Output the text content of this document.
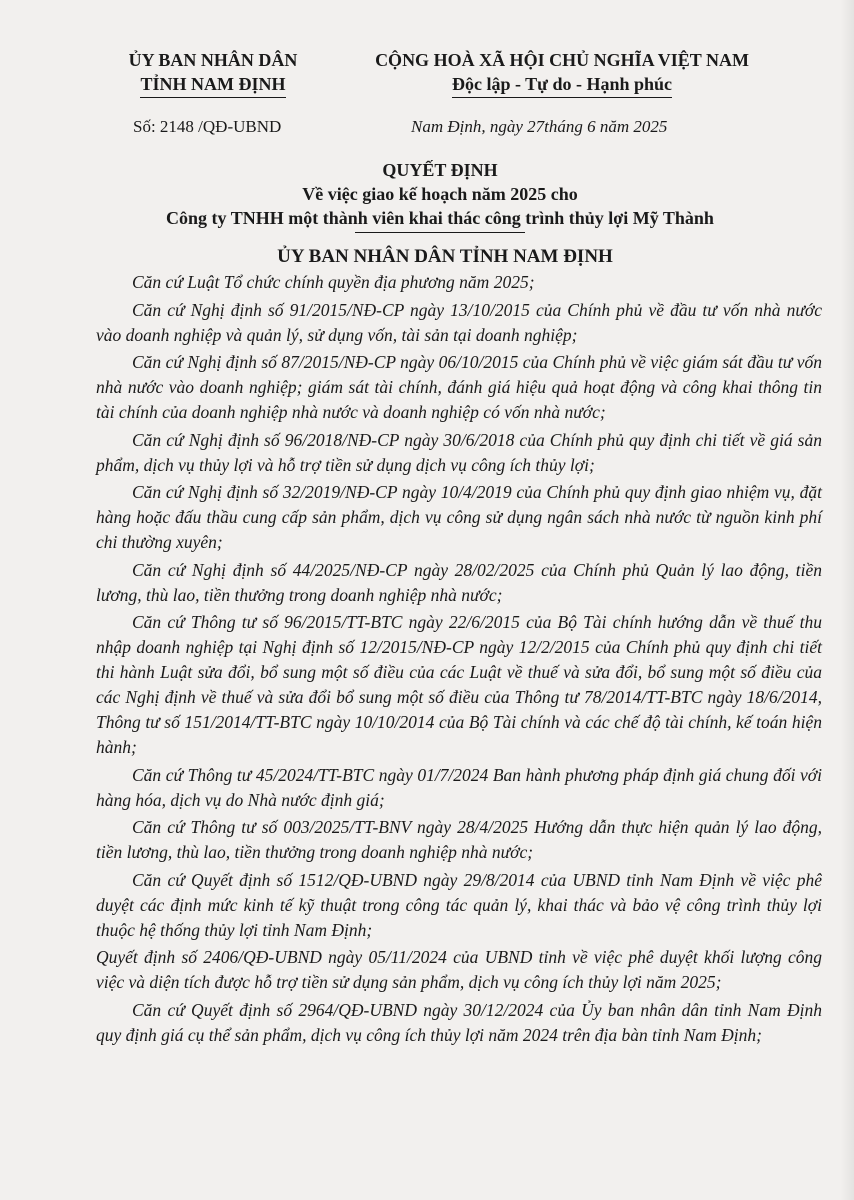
ỦY BAN NHÂN DÂN
TỈNH NAM ĐỊNH
CỘNG HOÀ XÃ HỘI CHỦ NGHĨA VIỆT NAM
Độc lập - Tự do - Hạnh phúc
Số: 2148 /QĐ-UBND	Nam Định, ngày 27tháng 6 năm 2025
QUYẾT ĐỊNH
Về việc giao kế hoạch năm 2025 cho
Công ty TNHH một thành viên khai thác công trình thủy lợi Mỹ Thành
ỦY BAN NHÂN DÂN TỈNH NAM ĐỊNH

Căn cứ Luật Tổ chức chính quyền địa phương năm 2025;

Căn cứ Nghị định số 91/2015/NĐ-CP ngày 13/10/2015 của Chính phủ về đầu tư vốn nhà nước vào doanh nghiệp và quản lý, sử dụng vốn, tài sản tại doanh nghiệp;

Căn cứ Nghị định số 87/2015/NĐ-CP ngày 06/10/2015 của Chính phủ về việc giám sát đầu tư vốn nhà nước vào doanh nghiệp; giám sát tài chính, đánh giá hiệu quả hoạt động và công khai thông tin tài chính của doanh nghiệp nhà nước và doanh nghiệp có vốn nhà nước;

Căn cứ Nghị định số 96/2018/NĐ-CP ngày 30/6/2018 của Chính phủ quy định chi tiết về giá sản phẩm, dịch vụ thủy lợi và hỗ trợ tiền sử dụng dịch vụ công ích thủy lợi;

Căn cứ Nghị định số 32/2019/NĐ-CP ngày 10/4/2019 của Chính phủ quy định giao nhiệm vụ, đặt hàng hoặc đấu thầu cung cấp sản phẩm, dịch vụ công sử dụng ngân sách nhà nước từ nguồn kinh phí chi thường xuyên;

Căn cứ Nghị định số 44/2025/NĐ-CP ngày 28/02/2025 của Chính phủ Quản lý lao động, tiền lương, thù lao, tiền thưởng trong doanh nghiệp nhà nước;

Căn cứ Thông tư số 96/2015/TT-BTC ngày 22/6/2015 của Bộ Tài chính hướng dẫn về thuế thu nhập doanh nghiệp tại Nghị định số 12/2015/NĐ-CP ngày 12/2/2015 của Chính phủ quy định chi tiết thi hành Luật sửa đổi, bổ sung một số điều của các Luật về thuế và sửa đổi, bổ sung một số điều của các Nghị định về thuế và sửa đổi bổ sung một số điều của Thông tư 78/2014/TT-BTC ngày 18/6/2014, Thông tư số 151/2014/TT-BTC ngày 10/10/2014 của Bộ Tài chính và các chế độ tài chính, kế toán hiện hành;

Căn cứ Thông tư 45/2024/TT-BTC ngày 01/7/2024 Ban hành phương pháp định giá chung đối với hàng hóa, dịch vụ do Nhà nước định giá;

Căn cứ Thông tư số 003/2025/TT-BNV ngày 28/4/2025 Hướng dẫn thực hiện quản lý lao động, tiền lương, thù lao, tiền thưởng trong doanh nghiệp nhà nước;

Căn cứ Quyết định số 1512/QĐ-UBND ngày 29/8/2014 của UBND tỉnh Nam Định về việc phê duyệt các định mức kinh tế kỹ thuật trong công tác quản lý, khai thác và bảo vệ công trình thủy lợi thuộc hệ thống thủy lợi tỉnh Nam Định;

Quyết định số 2406/QĐ-UBND ngày 05/11/2024 của UBND tỉnh về việc phê duyệt khối lượng công việc và diện tích được hỗ trợ tiền sử dụng sản phẩm, dịch vụ công ích thủy lợi năm 2025;

Căn cứ Quyết định số 2964/QĐ-UBND ngày 30/12/2024 của Ủy ban nhân dân tỉnh Nam Định quy định giá cụ thể sản phẩm, dịch vụ công ích thủy lợi năm 2024 trên địa bàn tỉnh Nam Định;
